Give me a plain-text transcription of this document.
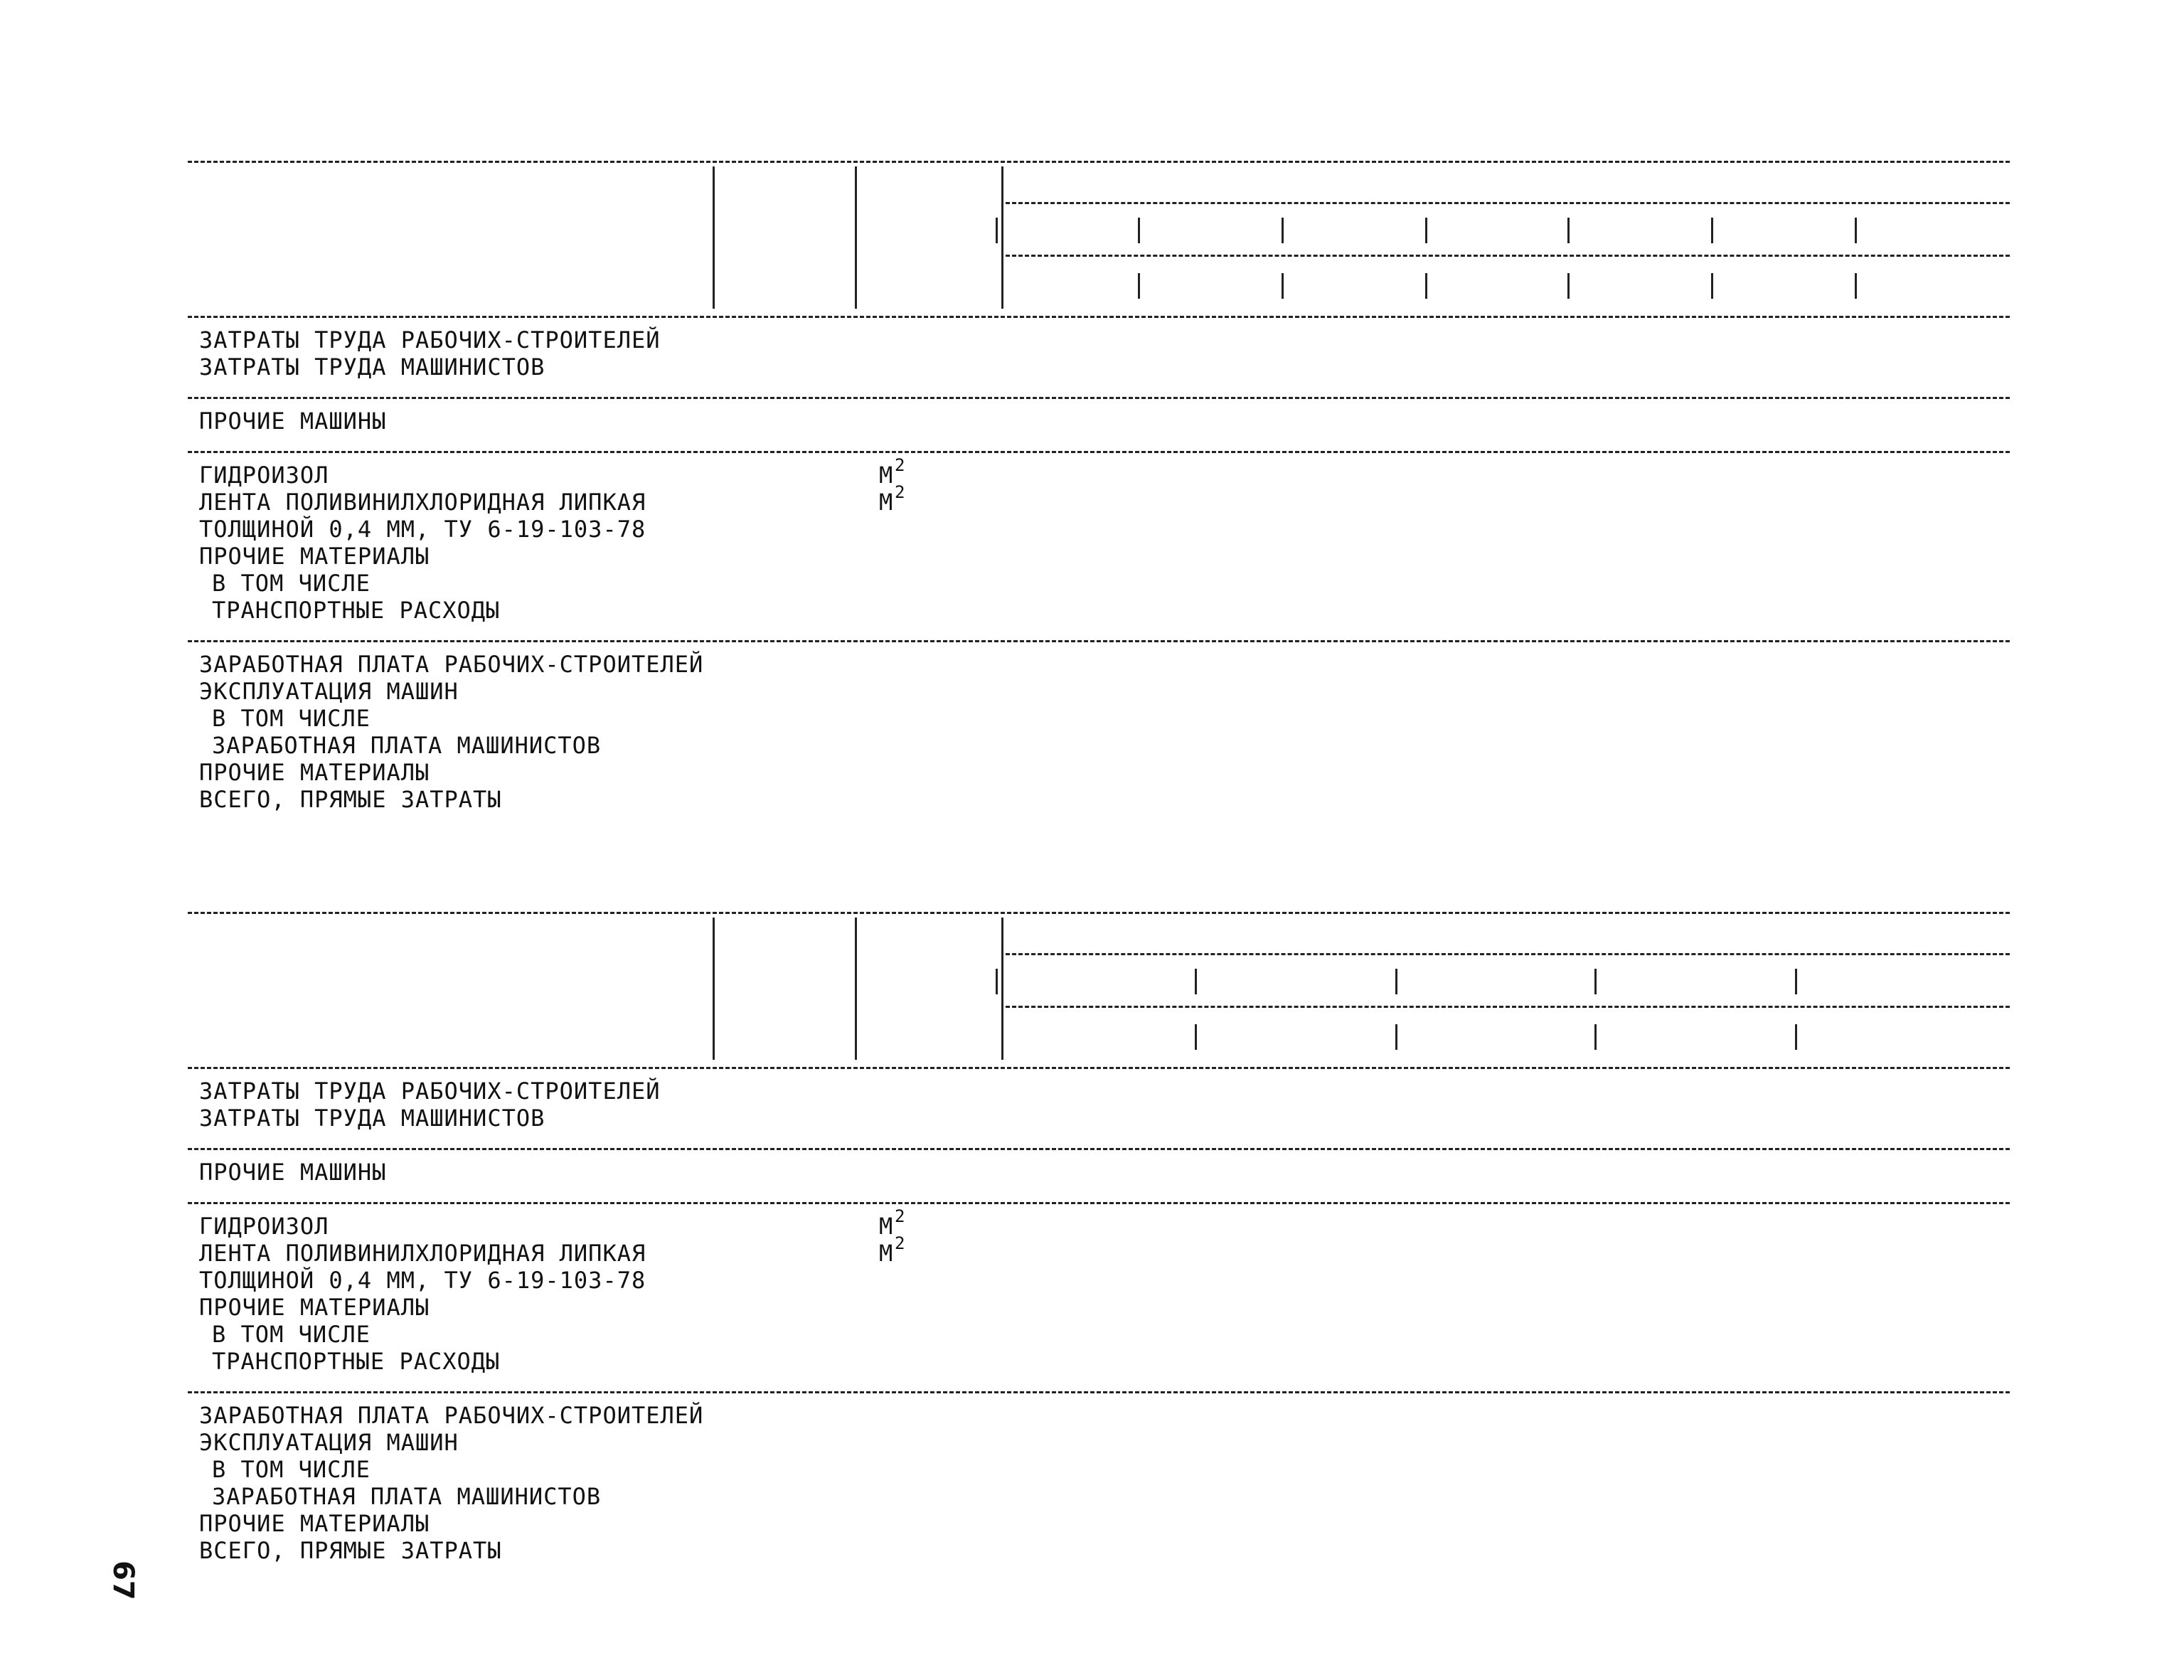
67
ЗАТРАТЫ ТРУДА РАБОЧИХ-СТРОИТЕЛЕЙ
ЗАТРАТЫ ТРУДА МАШИНИСТОВ
ПРОЧИЕ МАШИНЫ
ГИДРОИЗОЛ	М 2
ЛЕНТА ПОЛИВИНИЛХЛОРИДНАЯ ЛИПКАЯ	М 2
ТОЛЩИНОЙ 0,4 ММ, ТУ 6-19-103-78
ПРОЧИЕ МАТЕРИАЛЫ
В ТОМ ЧИСЛЕ
ТРАНСПОРТНЫЕ РАСХОДЫ
ЗАРАБОТНАЯ ПЛАТА РАБОЧИХ-СТРОИТЕЛЕЙ
ЭКСПЛУАТАЦИЯ МАШИН
В ТОМ ЧИСЛЕ
ЗАРАБОТНАЯ ПЛАТА МАШИНИСТОВ
ПРОЧИЕ МАТЕРИАЛЫ
ВСЕГО, ПРЯМЫЕ ЗАТРАТЫ
ЗАТРАТЫ ТРУДА РАБОЧИХ-СТРОИТЕЛЕЙ
ЗАТРАТЫ ТРУДА МАШИНИСТОВ
ПРОЧИЕ МАШИНЫ
ГИДРОИЗОЛ	М 2
ЛЕНТА ПОЛИВИНИЛХЛОРИДНАЯ ЛИПКАЯ	М 2
ТОЛЩИНОЙ 0,4 ММ, ТУ 6-19-103-78
ПРОЧИЕ МАТЕРИАЛЫ
В ТОМ ЧИСЛЕ
ТРАНСПОРТНЫЕ РАСХОДЫ
ЗАРАБОТНАЯ ПЛАТА РАБОЧИХ-СТРОИТЕЛЕЙ
ЭКСПЛУАТАЦИЯ МАШИН
В ТОМ ЧИСЛЕ
ЗАРАБОТНАЯ ПЛАТА МАШИНИСТОВ
ПРОЧИЕ МАТЕРИАЛЫ
ВСЕГО, ПРЯМЫЕ ЗАТРАТЫ
